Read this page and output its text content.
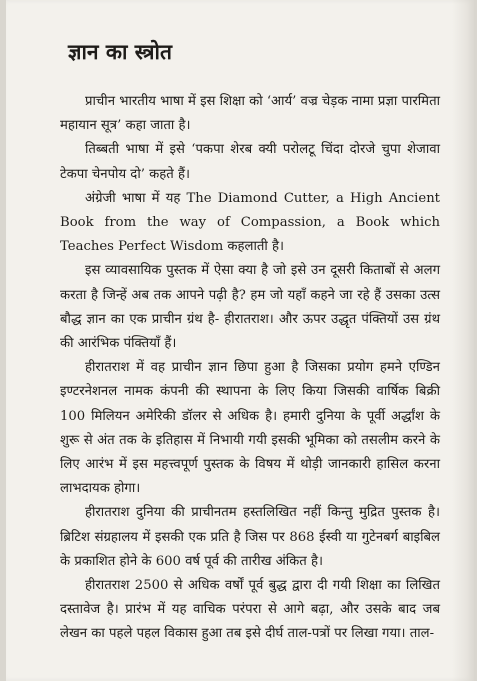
ज्ञान का स्त्रोत

प्राचीन भारतीय भाषा में इस शिक्षा को ‘आर्य’ वज्र चेड़क नामा प्रज्ञा पारमिता महायान सूत्र’ कहा जाता है।

तिब्बती भाषा में इसे ‘पकपा शेरब क्यी परोलटू चिंदा दोरजे चुपा शेजावा टेकपा चेनपोय दो’ कहते हैं।

अंग्रेजी भाषा में यह The Diamond Cutter, a High Ancient Book from the way of Compassion, a Book which Teaches Perfect Wisdom कहलाती है।

इस व्यावसायिक पुस्तक में ऐसा क्या है जो इसे उन दूसरी किताबों से अलग करता है जिन्हें अब तक आपने पढ़ी है? हम जो यहाँ कहने जा रहे हैं उसका उत्स बौद्ध ज्ञान का एक प्राचीन ग्रंथ है- हीरातराश। और ऊपर उद्धृत पंक्तियों उस ग्रंथ की आरंभिक पंक्तियाँ हैं।

हीरातराश में वह प्राचीन ज्ञान छिपा हुआ है जिसका प्रयोग हमने एण्डिन इण्टरनेशनल नामक कंपनी की स्थापना के लिए किया जिसकी वार्षिक बिक्री 100 मिलियन अमेरिकी डॉलर से अधिक है। हमारी दुनिया के पूर्वी अर्द्धांश के शुरू से अंत तक के इतिहास में निभायी गयी इसकी भूमिका को तसलीम करने के लिए आरंभ में इस महत्त्वपूर्ण पुस्तक के विषय में थोड़ी जानकारी हासिल करना लाभदायक होगा।

हीरातराश दुनिया की प्राचीनतम हस्तलिखित नहीं किन्तु मुद्रित पुस्तक है। ब्रिटिश संग्रहालय में इसकी एक प्रति है जिस पर 868 ईस्वी या गुटेनबर्ग बाइबिल के प्रकाशित होने के 600 वर्ष पूर्व की तारीख अंकित है।

हीरातराश 2500 से अधिक वर्षों पूर्व बुद्ध द्वारा दी गयी शिक्षा का लिखित दस्तावेज है। प्रारंभ में यह वाचिक परंपरा से आगे बढ़ा, और उसके बाद जब लेखन का पहले पहल विकास हुआ तब इसे दीर्घ ताल-पत्रों पर लिखा गया। ताल-
